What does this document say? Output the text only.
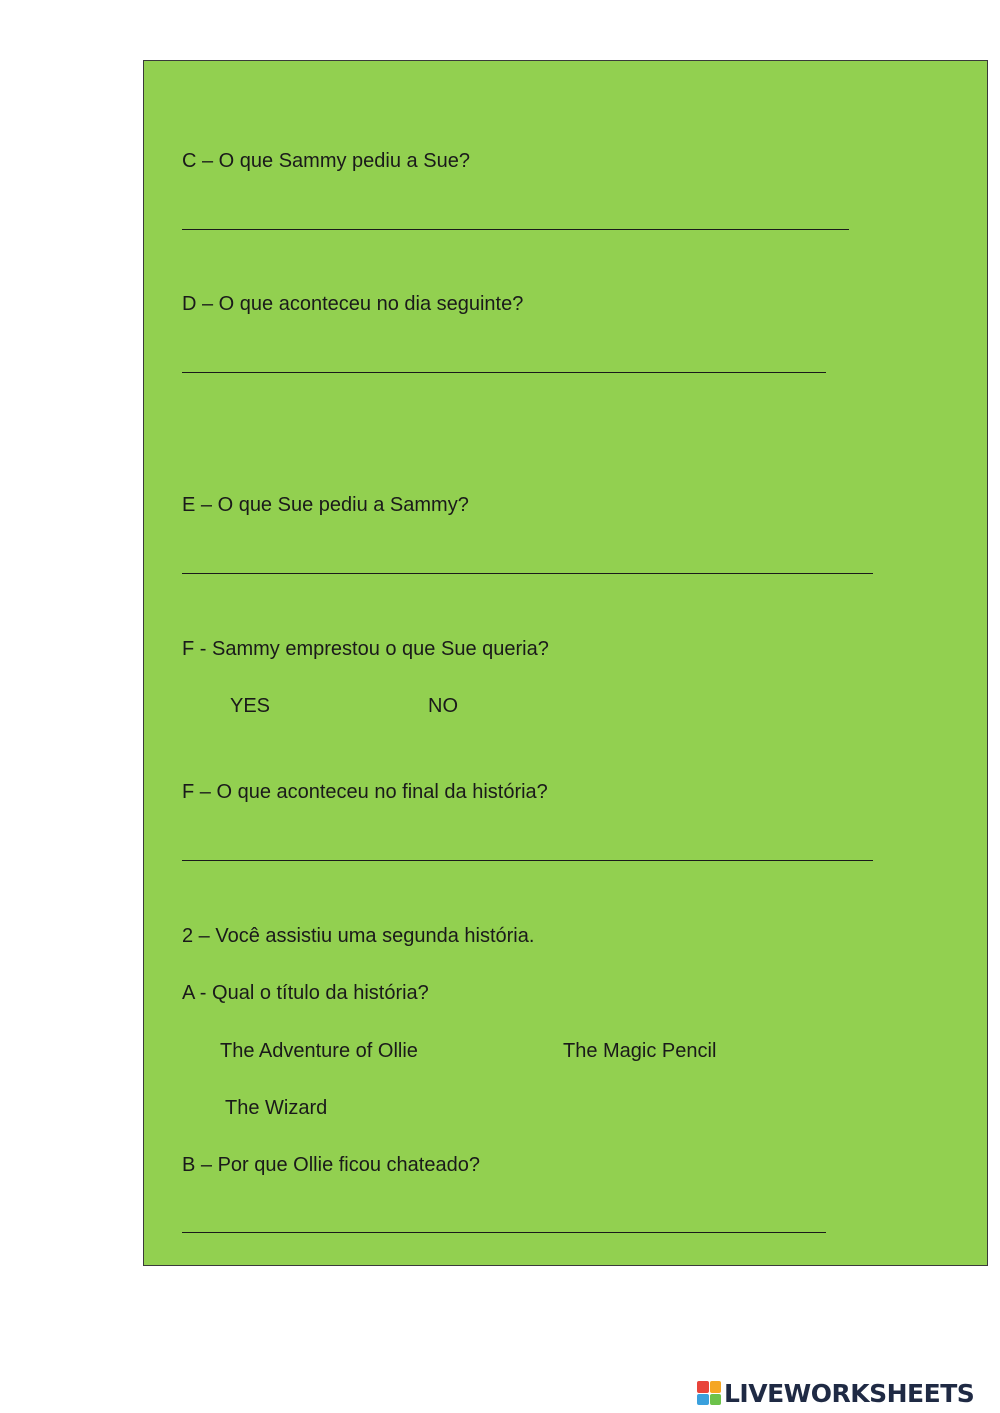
C – O que Sammy pediu a Sue?
D – O que aconteceu no dia seguinte?
E – O que Sue pediu a Sammy?
F - Sammy emprestou o que Sue queria?
YES	NO
F – O que aconteceu no final da história?
2 – Você assistiu uma segunda história.
A - Qual o título da história?
The Adventure of Ollie	The Magic Pencil
The Wizard
B – Por que Ollie ficou chateado?
LIVEWORKSHEETS
